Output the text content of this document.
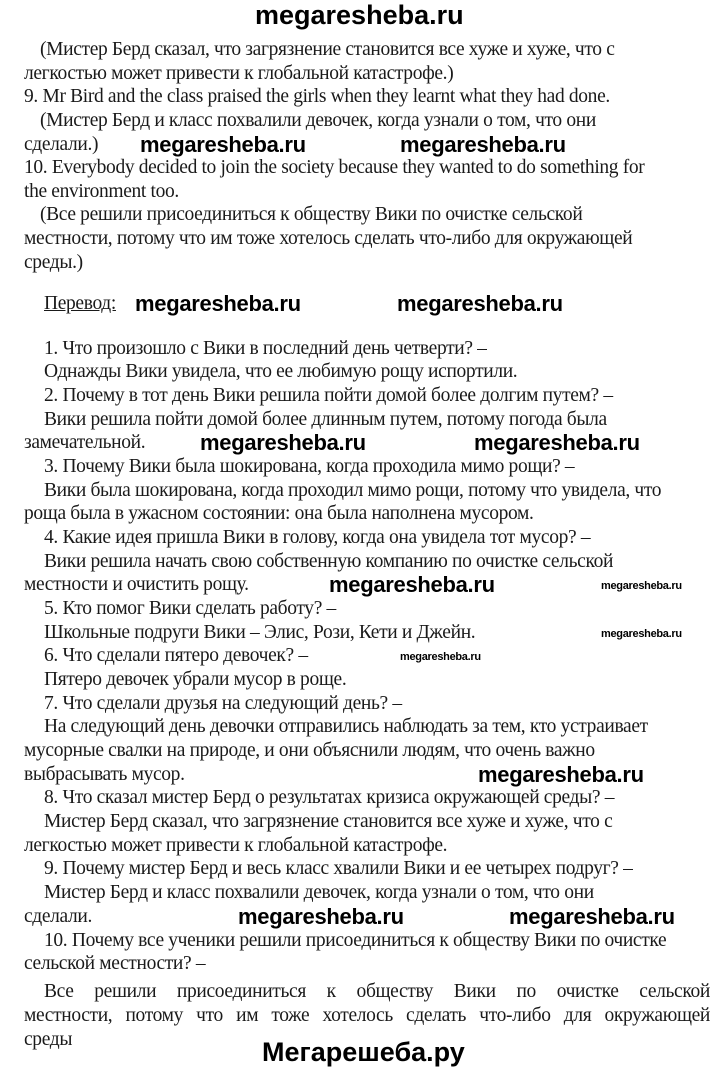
megaresheba.ru
(Мистер Берд сказал, что загрязнение становится все хуже и хуже, что с
легкостью может привести к глобальной катастрофе.)
9. Mr Bird and the class praised the girls when they learnt what they had done.
(Мистер Берд и класс похвалили девочек, когда узнали о том, что они
сделали.)
10. Everybody decided to join the society because they wanted to do something for
the environment too.
(Все решили присоединиться к обществу Вики по очистке сельской
местности, потому что им тоже хотелось сделать что-либо для окружающей
среды.)
Перевод:
1. Что произошло с Вики в последний день четверти? –
Однажды Вики увидела, что ее любимую рощу испортили.
2. Почему в тот день Вики решила пойти домой более долгим путем? –
Вики решила пойти домой более длинным путем, потому погода была
замечательной.
3. Почему Вики была шокирована, когда проходила мимо рощи? –
Вики была шокирована, когда проходил мимо рощи, потому что увидела, что
роща была в ужасном состоянии: она была наполнена мусором.
4. Какие идея пришла Вики в голову, когда она увидела тот мусор? –
Вики решила начать свою собственную компанию по очистке сельской
местности и очистить рощу.
5. Кто помог Вики сделать работу? –
Школьные подруги Вики – Элис, Рози, Кети и Джейн.
6. Что сделали пятеро девочек? –
Пятеро девочек убрали мусор в роще.
7. Что сделали друзья на следующий день? –
На следующий день девочки отправились наблюдать за тем, кто устраивает
мусорные свалки на природе, и они объяснили людям, что очень важно
выбрасывать мусор.
8. Что сказал мистер Берд о результатах кризиса окружающей среды? –
Мистер Берд сказал, что загрязнение становится все хуже и хуже, что с
легкостью может привести к глобальной катастрофе.
9. Почему мистер Берд и весь класс хвалили Вики и ее четырех подруг? –
Мистер Берд и класс похвалили девочек, когда узнали о том, что они
сделали.
10. Почему все ученики решили присоединиться к обществу Вики по очистке
сельской местности? –
Все решили присоединиться к обществу Вики по очистке сельской
местности, потому что им тоже хотелось сделать что-либо для окружающей
среды
megaresheba.ru	megaresheba.ru
megaresheba.ru	megaresheba.ru
megaresheba.ru	megaresheba.ru
megaresheba.ru	megaresheba.ru
megaresheba.ru
megaresheba.ru
megaresheba.ru
megaresheba.ru	megaresheba.ru
Мегарешеба.ру
